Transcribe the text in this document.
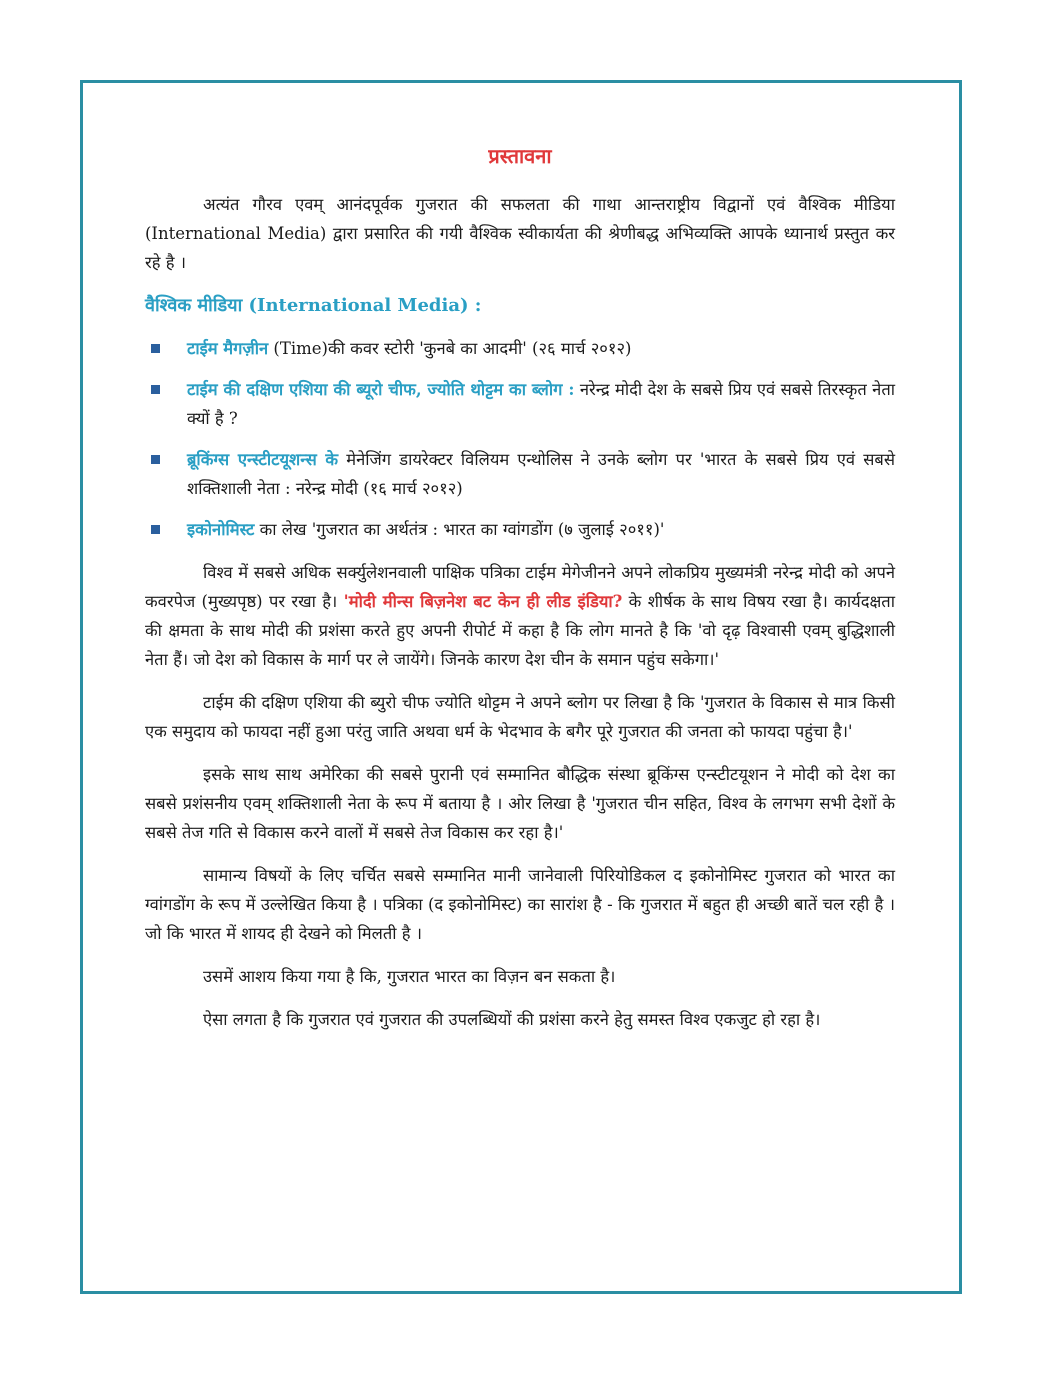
प्रस्तावना

अत्यंत गौरव एवम् आनंदपूर्वक गुजरात की सफलता की गाथा आन्तराष्ट्रीय विद्वानों एवं वैश्विक मीडिया (International Media) द्वारा प्रसारित की गयी वैश्विक स्वीकार्यता की श्रेणीबद्ध अभिव्यक्ति आपके ध्यानार्थ प्रस्तुत कर रहे है ।

वैश्विक मीडिया (International Media) :
टाईम मैगज़ीन (Time)की कवर स्टोरी 'कुनबे का आदमी' (२६ मार्च २०१२)
टाईम की दक्षिण एशिया की ब्यूरो चीफ, ज्योति थोट्टम का ब्लोग : नरेन्द्र मोदी देश के सबसे प्रिय एवं सबसे तिरस्कृत नेता क्यों है ?
ब्रूकिंग्स एन्स्टीटयूशन्स के मेनेजिंग डायरेक्टर विलियम एन्थोलिस ने उनके ब्लोग पर 'भारत के सबसे प्रिय एवं सबसे शक्तिशाली नेता : नरेन्द्र मोदी (१६ मार्च २०१२)
इकोनोमिस्ट का लेख 'गुजरात का अर्थतंत्र : भारत का ग्वांगडोंग (७ जुलाई २०११)'

विश्व में सबसे अधिक सर्क्युलेशनवाली पाक्षिक पत्रिका टाईम मेगेजीनने अपने लोकप्रिय मुख्यमंत्री नरेन्द्र मोदी को अपने कवरपेज (मुख्यपृष्ठ) पर रखा है। 'मोदी मीन्स बिज़नेश बट केन ही लीड इंडिया? के शीर्षक के साथ विषय रखा है। कार्यदक्षता की क्षमता के साथ मोदी की प्रशंसा करते हुए अपनी रीपोर्ट में कहा है कि लोग मानते है कि 'वो दृढ़ विश्वासी एवम् बुद्धिशाली नेता हैं। जो देश को विकास के मार्ग पर ले जायेंगे। जिनके कारण देश चीन के समान पहुंच सकेगा।'

टाईम की दक्षिण एशिया की ब्युरो चीफ ज्योति थोट्टम ने अपने ब्लोग पर लिखा है कि 'गुजरात के विकास से मात्र किसी एक समुदाय को फायदा नहीं हुआ परंतु जाति अथवा धर्म के भेदभाव के बगैर पूरे गुजरात की जनता को फायदा पहुंचा है।'

इसके साथ साथ अमेरिका की सबसे पुरानी एवं सम्मानित बौद्धिक संस्था ब्रूकिंग्स एन्स्टीटयूशन ने मोदी को देश का सबसे प्रशंसनीय एवम् शक्तिशाली नेता के रूप में बताया है । ओर लिखा है 'गुजरात चीन सहित, विश्व के लगभग सभी देशों के सबसे तेज गति से विकास करने वालों में सबसे तेज विकास कर रहा है।'

सामान्य विषयों के लिए चर्चित सबसे सम्मानित मानी जानेवाली पिरियोडिकल द इकोनोमिस्ट गुजरात को भारत का ग्वांगडोंग के रूप में उल्लेखित किया है । पत्रिका (द इकोनोमिस्ट) का सारांश है - कि गुजरात में बहुत ही अच्छी बातें चल रही है । जो कि भारत में शायद ही देखने को मिलती है ।

उसमें आशय किया गया है कि, गुजरात भारत का विज़न बन सकता है।

ऐसा लगता है कि गुजरात एवं गुजरात की उपलब्धियों की प्रशंसा करने हेतु समस्त विश्व एकजुट हो रहा है।
